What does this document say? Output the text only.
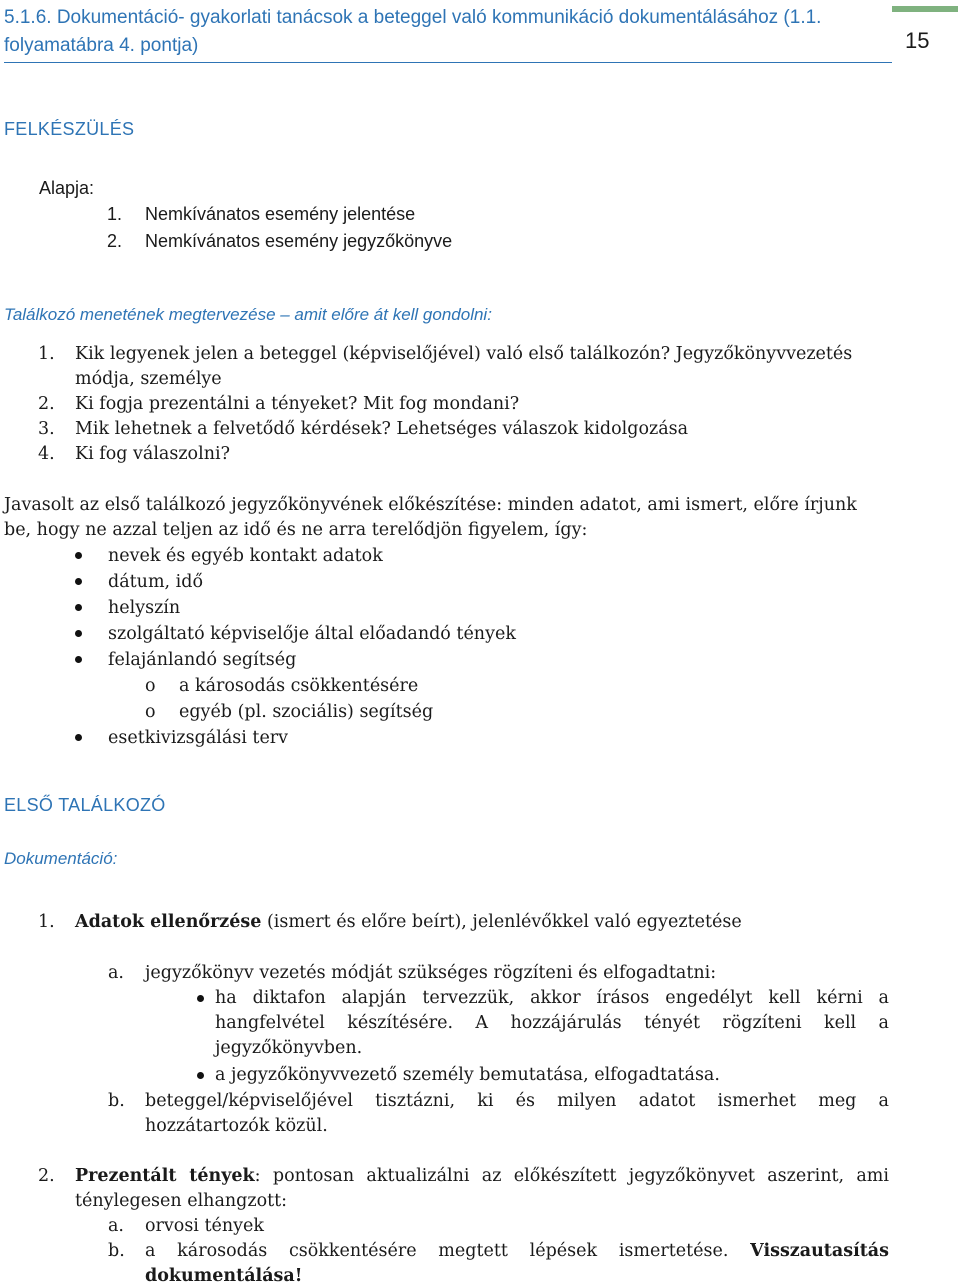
5.1.6. Dokumentáció- gyakorlati tanácsok a beteggel való kommunikáció dokumentálásához (1.1. folyamatábra 4. pontja)	15
FELKÉSZÜLÉS
Alapja:
1. Nemkívánatos esemény jelentése
2. Nemkívánatos esemény jegyzőkönyve
Találkozó menetének megtervezése – amit előre át kell gondolni:
1. Kik legyenek jelen a beteggel (képviselőjével) való első találkozón? Jegyzőkönyvvezetés
módja, személye
2. Ki fogja prezentálni a tényeket? Mit fog mondani?
3. Mik lehetnek a felvetődő kérdések? Lehetséges válaszok kidolgozása
4. Ki fog válaszolni?
Javasolt az első találkozó jegyzőkönyvének előkészítése: minden adatot, ami ismert, előre írjunk
be, hogy ne azzal teljen az idő és ne arra terelődjön figyelem, így:
nevek és egyéb kontakt adatok
dátum, idő
helyszín
szolgáltató képviselője által előadandó tények
felajánlandó segítség
o a károsodás csökkentésére
o egyéb (pl. szociális) segítség
esetkivizsgálási terv
ELSŐ TALÁLKOZÓ
Dokumentáció:
1. Adatok ellenőrzése (ismert és előre beírt), jelenlévőkkel való egyeztetése
a. jegyzőkönyv vezetés módját szükséges rögzíteni és elfogadtatni:
ha diktafon alapján tervezzük, akkor írásos engedélyt kell kérni a
hangfelvétel készítésére. A hozzájárulás tényét rögzíteni kell a
jegyzőkönyvben.
a jegyzőkönyvvezető személy bemutatása, elfogadtatása.
b. beteggel/képviselőjével tisztázni, ki és milyen adatot ismerhet meg a
hozzátartozók közül.
2. Prezentált tények: pontosan aktualizálni az előkészített jegyzőkönyvet aszerint, ami
ténylegesen elhangzott:
a. orvosi tények
b. a károsodás csökkentésére megtett lépések ismertetése. Visszautasítás
dokumentálása!
